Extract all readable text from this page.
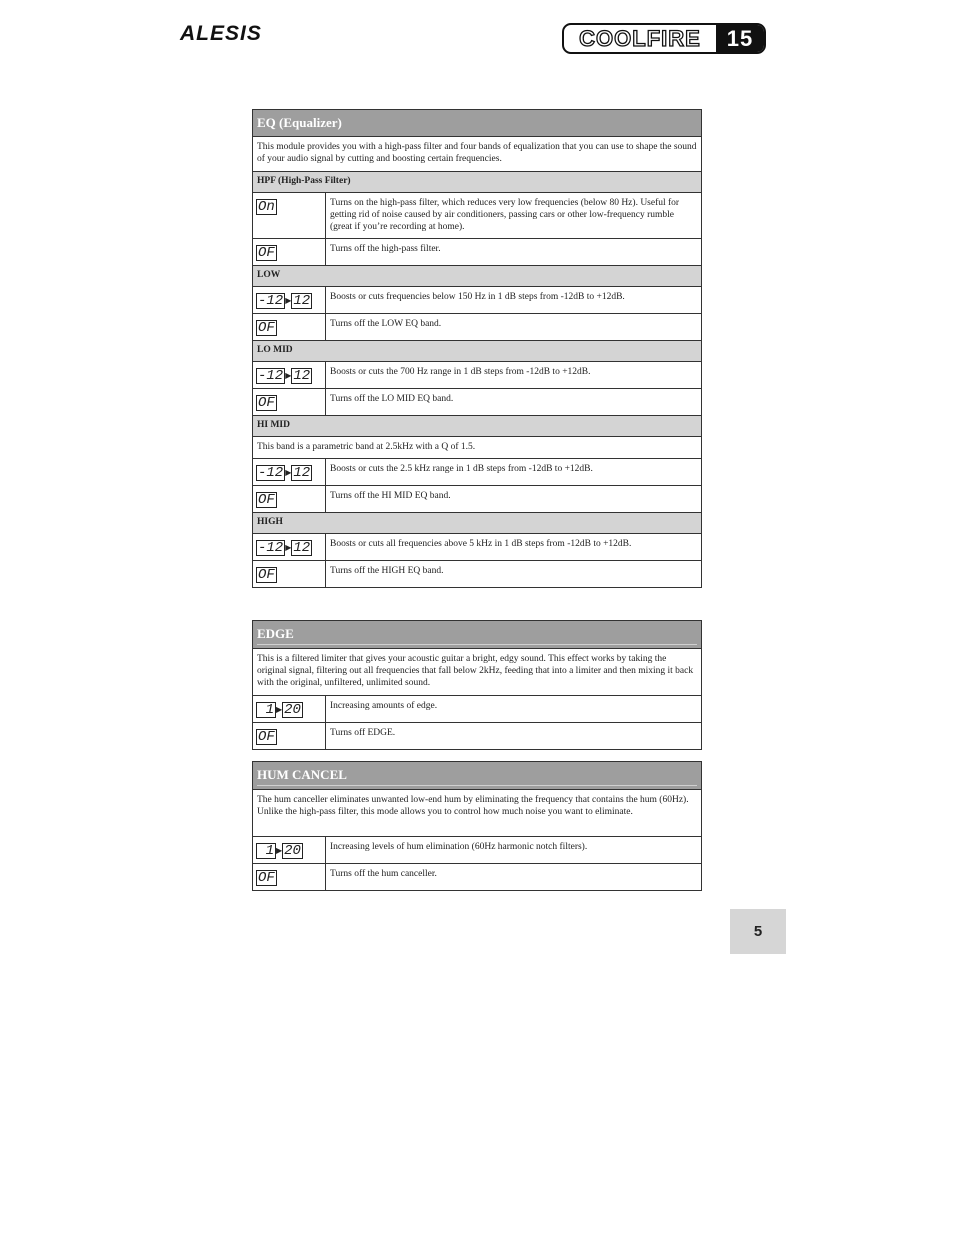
ALESIS	COOLFIRE	15
EQ (Equalizer)	
This module provides you with a high-pass filter and four bands of equalization that you can use to shape the sound of your audio signal by cutting and boosting certain frequencies.	
HPF (High-Pass Filter)	
On	Turns on the high-pass filter, which reduces very low frequencies (below 80 Hz). Useful for getting rid of noise caused by air conditioners, passing cars or other low-frequency rumble (great if you’re recording at home).
OF	Turns off the high-pass filter.
LOW	
-12 ▶ 12	Boosts or cuts frequencies below 150 Hz in 1 dB steps from -12dB to +12dB.
OF	Turns off the LOW EQ band.
LO MID	
-12 ▶ 12	Boosts or cuts the 700 Hz range in 1 dB steps from -12dB to +12dB.
OF	Turns off the LO MID EQ band.
HI MID	
This band is a parametric band at 2.5kHz with a Q of 1.5.	
-12 ▶ 12	Boosts or cuts the 2.5 kHz range in 1 dB steps from -12dB to +12dB.
OF	Turns off the HI MID EQ band.
HIGH	
-12 ▶ 12	Boosts or cuts all frequencies above 5 kHz in 1 dB steps from -12dB to +12dB.
OF	Turns off the HIGH EQ band.
EDGE	

This is a filtered limiter that gives your acoustic guitar a bright, edgy sound. This effect works by taking the original signal, filtering out all frequencies that fall below 2kHz, feeding that into a limiter and then mixing it back with the original, unfiltered, unlimited sound.	
1 ▶ 20	Increasing amounts of edge.
OF	Turns off EDGE.
HUM CANCEL	

The hum canceller eliminates unwanted low-end hum by eliminating the frequency that contains the hum (60Hz). Unlike the high-pass filter, this mode allows you to control how much noise you want to eliminate.	
1 ▶ 20	Increasing levels of hum elimination (60Hz harmonic notch filters).
OF	Turns off the hum canceller.
5
